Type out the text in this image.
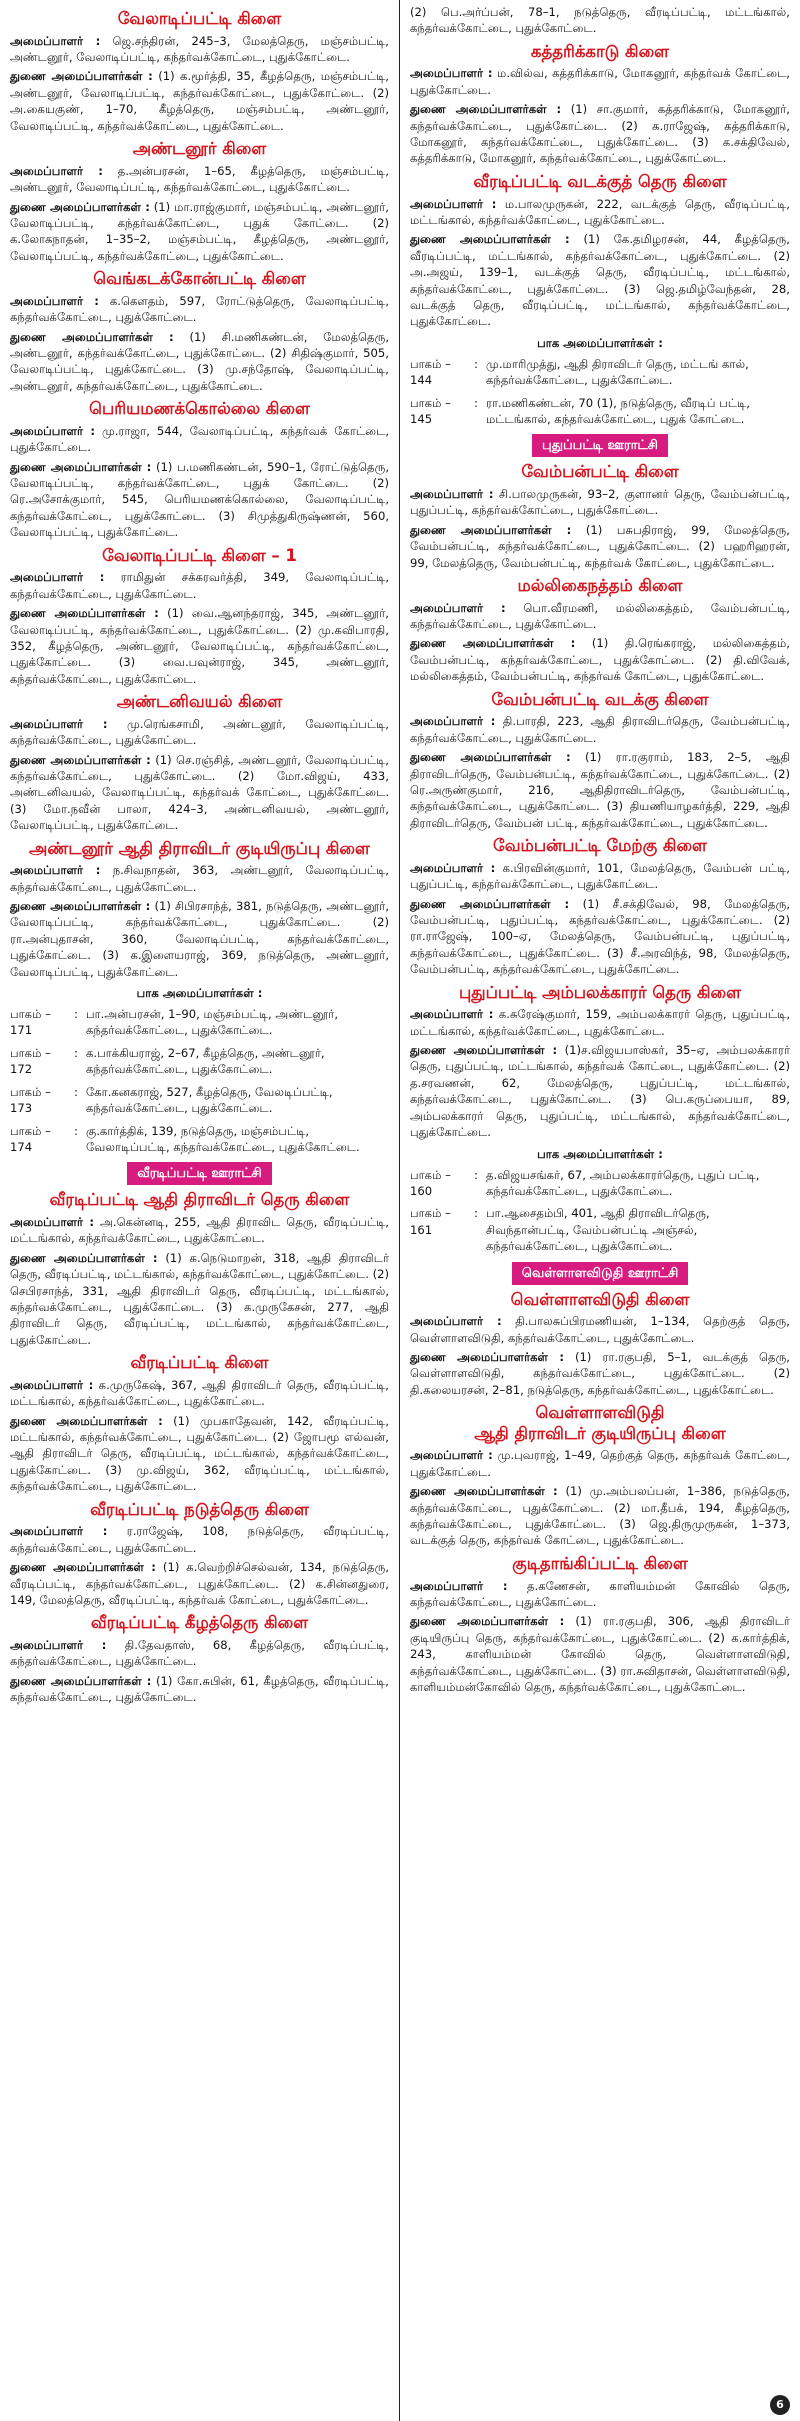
வேலாடிப்பட்டி கிளை

அமைப்பாளர் : ஜெ.சந்திரன், 245–3, மேலத்தெரு, மஞ்சம்பட்டி, அண்டனூர், வேலாடிப்பட்டி, கந்தர்வக்கோட்டை, புதுக்கோட்டை.

துணை அமைப்பாளர்கள் : (1) க.மூர்த்தி, 35, கீழத்தெரு, மஞ்சம்பட்டி, அண்டனூர், வேலாடிப்பட்டி, கந்தர்வக்கோட்டை, புதுக்கோட்டை. (2) அ.கையகுண், 1–70, கீழத்தெரு, மஞ்சம்பட்டி, அண்டனூர், வேலாடிப்பட்டி, கந்தர்வக்கோட்டை, புதுக்கோட்டை.

அண்டனூர் கிளை

அமைப்பாளர் : த.அன்பரசன், 1–65, கீழத்தெரு, மஞ்சம்பட்டி, அண்டனூர், வேலாடிப்பட்டி, கந்தர்வக்கோட்டை, புதுக்கோட்டை.

துணை அமைப்பாளர்கள் : (1) மா.ராஜ்குமார், மஞ்சம்பட்டி, அண்டனூர், வேலாடிப்பட்டி, கந்தர்வக்கோட்டை, புதுக் கோட்டை. (2) க.லோகநாதன், 1–35–2, மஞ்சம்பட்டி, கீழத்தெரு, அண்டனூர், வேலாடிப்பட்டி, கந்தர்வக்கோட்டை, புதுக்கோட்டை.

வெங்கடக்கோன்பட்டி கிளை

அமைப்பாளர் : க.கௌதம், 597, ரோட்டுத்தெரு, வேலாடிப்பட்டி, கந்தர்வக்கோட்டை, புதுக்கோட்டை.

துணை அமைப்பாளர்கள் : (1) சி.மணிகண்டன், மேலத்தெரு, அண்டனூர், கந்தர்வக்கோட்டை, புதுக்கோட்டை. (2) சிதிஷ்குமார், 505, வேலாடிப்பட்டி, புதுக்கோட்டை. (3) மு.சந்தோஷ், வேலாடிப்பட்டி, அண்டனூர், கந்தர்வக்கோட்டை, புதுக்கோட்டை.

பெரியமணக்கொல்லை கிளை

அமைப்பாளர் : மு.ராஜா, 544, வேலாடிப்பட்டி, கந்தர்வக் கோட்டை, புதுக்கோட்டை.

துணை அமைப்பாளர்கள் : (1) ப.மணிகண்டன், 590–1, ரோட்டுத்தெரு, வேலாடிப்பட்டி, கந்தர்வக்கோட்டை, புதுக் கோட்டை. (2) ரெ.அசோக்குமார், 545, பெரியமணக்கொல்லை, வேலாடிப்பட்டி, கந்தர்வக்கோட்டை, புதுக்கோட்டை. (3) சிமுத்துகிருஷ்ணன், 560, வேலாடிப்பட்டி, புதுக்கோட்டை.

வேலாடிப்பட்டி கிளை – 1

அமைப்பாளர் : ராமிதுன் சக்கரவர்த்தி, 349, வேலாடிப்பட்டி, கந்தர்வக்கோட்டை, புதுக்கோட்டை.

துணை அமைப்பாளர்கள் : (1) வை.ஆனந்தராஜ், 345, அண்டனூர், வேலாடிப்பட்டி, கந்தர்வக்கோட்டை, புதுக்கோட்டை. (2) மு.கவிபாரதி, 352, கீழத்தெரு, அண்டனூர், வேலாடிப்பட்டி, கந்தர்வக்கோட்டை, புதுக்கோட்டை. (3) வை.பவுன்ராஜ், 345, அண்டனூர், கந்தர்வக்கோட்டை, புதுக்கோட்டை.

அண்டனிவயல் கிளை

அமைப்பாளர் : மு.ரெங்கசாமி, அண்டனூர், வேலாடிப்பட்டி, கந்தர்வக்கோட்டை, புதுக்கோட்டை.

துணை அமைப்பாளர்கள் : (1) செ.ரஞ்சித், அண்டனூர், வேலாடிப்பட்டி, கந்தர்வக்கோட்டை, புதுக்கோட்டை. (2) மோ.விஜய், 433, அண்டனிவயல், வேலாடிப்பட்டி, கந்தர்வக் கோட்டை, புதுக்கோட்டை. (3) மோ.நவீன் பாலா, 424–3, அண்டனிவயல், அண்டனூர், வேலாடிப்பட்டி, புதுக்கோட்டை.

அண்டனூர் ஆதி திராவிடர் குடியிருப்பு கிளை

அமைப்பாளர் : ந.சிவநாதன், 363, அண்டனூர், வேலாடிப்பட்டி, கந்தர்வக்கோட்டை, புதுக்கோட்டை.

துணை அமைப்பாளர்கள் : (1) சிபிரசாந்த், 381, நடுத்தெரு, அண்டனூர், வேலாடிப்பட்டி, கந்தர்வக்கோட்டை, புதுக்கோட்டை. (2) ரா.அன்புதாசன், 360, வேலாடிப்பட்டி, கந்தர்வக்கோட்டை, புதுக்கோட்டை. (3) க.இளையராஜ், 369, நடுத்தெரு, அண்டனூர், வேலாடிப்பட்டி, புதுக்கோட்டை.

பாக அமைப்பாளர்கள் :
பாகம் – 171
: பா.அன்பரசன், 1–90, மஞ்சம்பட்டி, அண்டனூர், கந்தர்வக்கோட்டை, புதுக்கோட்டை.
பாகம் – 172
: க.பாக்கியராஜ், 2–67, கீழத்தெரு, அண்டனூர், கந்தர்வக்கோட்டை, புதுக்கோட்டை.
பாகம் – 173
: கோ.கனகராஜ், 527, கீழத்தெரு, வேலடிப்பட்டி, கந்தர்வக்கோட்டை, புதுக்கோட்டை.
பாகம் – 174
: கு.கார்த்திக், 139, நடுத்தெரு, மஞ்சம்பட்டி, வேலாடிப்பட்டி, கந்தர்வக்கோட்டை, புதுக்கோட்டை.
வீரடிப்பட்டி ஊராட்சி
வீரடிப்பட்டி ஆதி திராவிடர் தெரு கிளை

அமைப்பாளர் : அ.கென்னடி, 255, ஆதி திராவிட தெரு, வீரடிப்பட்டி, மட்டங்கால், கந்தர்வக்கோட்டை, புதுக்கோட்டை.

துணை அமைப்பாளர்கள் : (1) க.நெடுமாறன், 318, ஆதி திராவிடர் தெரு, வீரடிப்பட்டி, மட்டங்கால், கந்தர்வக்கோட்டை, புதுக்கோட்டை. (2) செபிரசாந்த், 331, ஆதி திராவிடர் தெரு, வீரடிப்பட்டி, மட்டங்கால், கந்தர்வக்கோட்டை, புதுக்கோட்டை. (3) க.முருகேசன், 277, ஆதி திராவிடர் தெரு, வீரடிப்பட்டி, மட்டங்கால், கந்தர்வக்கோட்டை, புதுக்கோட்டை.

வீரடிப்பட்டி கிளை

அமைப்பாளர் : க.முருகேஷ், 367, ஆதி திராவிடர் தெரு, வீரடிப்பட்டி, மட்டங்கால், கந்தர்வக்கோட்டை, புதுக்கோட்டை.

துணை அமைப்பாளர்கள் : (1) முபகாதேவன், 142, வீரடிப்பட்டி, மட்டங்கால், கந்தர்வக்கோட்டை, புதுக்கோட்டை. (2) ஜோபமூ எல்வன், ஆதி திராவிடர் தெரு, வீரடிப்பட்டி, மட்டங்கால், கந்தர்வக்கோட்டை, புதுக்கோட்டை. (3) மு.விஜய், 362, வீரடிப்பட்டி, மட்டங்கால், கந்தர்வக்கோட்டை, புதுக்கோட்டை.

வீரடிப்பட்டி நடுத்தெரு கிளை

அமைப்பாளர் : ர.ராஜேஷ், 108, நடுத்தெரு, வீரடிப்பட்டி, கந்தர்வக்கோட்டை, புதுக்கோட்டை.

துணை அமைப்பாளர்கள் : (1) க.வெற்றிச்செல்வன், 134, நடுத்தெரு, வீரடிப்பட்டி, கந்தர்வக்கோட்டை, புதுக்கோட்டை. (2) க.சின்னதுரை, 149, மேலத்தெரு, வீரடிப்பட்டி, கந்தர்வக் கோட்டை, புதுக்கோட்டை.

வீரடிப்பட்டி கீழத்தெரு கிளை

அமைப்பாளர் : தி.தேவதாஸ், 68, கீழத்தெரு, வீரடிப்பட்டி, கந்தர்வக்கோட்டை, புதுக்கோட்டை.

துணை அமைப்பாளர்கள் : (1) கோ.சுபின், 61, கீழத்தெரு, வீரடிப்பட்டி, கந்தர்வக்கோட்டை, புதுக்கோட்டை.

(2) பெ.அர்ப்பன், 78–1, நடுத்தெரு, வீரடிப்பட்டி, மட்டங்கால், கந்தர்வக்கோட்டை, புதுக்கோட்டை.

கத்தரிக்காடு கிளை

அமைப்பாளர் : ம.வில்வ, கத்தரிக்காடு, மோகனூர், கந்தர்வக் கோட்டை, புதுக்கோட்டை.

துணை அமைப்பாளர்கள் : (1) சா.குமார், கத்தரிக்காடு, மோகனூர், கந்தர்வக்கோட்டை, புதுக்கோட்டை. (2) க.ராஜேஷ், கத்தரிக்காடு, மோகனூர், கந்தர்வக்கோட்டை, புதுக்கோட்டை. (3) க.சக்திவேல், கத்தரிக்காடு, மோகனூர், கந்தர்வக்கோட்டை, புதுக்கோட்டை.

வீரடிப்பட்டி வடக்குத் தெரு கிளை

அமைப்பாளர் : ம.பாலமுருகன், 222, வடக்குத் தெரு, வீரடிப்பட்டி, மட்டங்கால், கந்தர்வக்கோட்டை, புதுக்கோட்டை.

துணை அமைப்பாளர்கள் : (1) கே.தமிழரசன், 44, கீழத்தெரு, வீரடிப்பட்டி, மட்டங்கால், கந்தர்வக்கோட்டை, புதுக்கோட்டை. (2) அ.அஜய், 139–1, வடக்குத் தெரு, வீரடிப்பட்டி, மட்டங்கால், கந்தர்வக்கோட்டை, புதுக்கோட்டை. (3) ஜெ.தமிழ்வேந்தன், 28, வடக்குத் தெரு, வீரடிப்பட்டி, மட்டங்கால், கந்தர்வக்கோட்டை, புதுக்கோட்டை.

பாக அமைப்பாளர்கள் :
பாகம் – 144
: மு.மாரிமுத்து, ஆதி திராவிடர் தெரு, மட்டங் கால், கந்தர்வக்கோட்டை, புதுக்கோட்டை.
பாகம் – 145
: ரா.மணிகண்டன், 70 (1), நடுத்தெரு, வீரடிப் பட்டி, மட்டங்கால், கந்தர்வக்கோட்டை, புதுக் கோட்டை.
புதுப்பட்டி ஊராட்சி
வேம்பன்பட்டி கிளை

அமைப்பாளர் : சி.பாலமுருகன், 93–2, குளானர் தெரு, வேம்பன்பட்டி, புதுப்பட்டி, கந்தர்வக்கோட்டை, புதுக்கோட்டை.

துணை அமைப்பாளர்கள் : (1) பசுபதிராஜ், 99, மேலத்தெரு, வேம்பன்பட்டி, கந்தர்வக்கோட்டை, புதுக்கோட்டை. (2) பஹரிஹரன், 99, மேலத்தெரு, வேம்பன்பட்டி, கந்தர்வக் கோட்டை, புதுக்கோட்டை.

மல்லிகைநத்தம் கிளை

அமைப்பாளர் : பொ.வீரமணி, மல்லிகைத்தம், வேம்பன்பட்டி, கந்தர்வக்கோட்டை, புதுக்கோட்டை.

துணை அமைப்பாளர்கள் : (1) தி.ரெங்கராஜ், மல்லிகைத்தம், வேம்பன்பட்டி, கந்தர்வக்கோட்டை, புதுக்கோட்டை. (2) தி.விவேக், மல்லிகைத்தம், வேம்பன்பட்டி, கந்தர்வக் கோட்டை, புதுக்கோட்டை.

வேம்பன்பட்டி வடக்கு கிளை

அமைப்பாளர் : தி.பாரதி, 223, ஆதி திராவிடர்தெரு, வேம்பன்பட்டி, கந்தர்வக்கோட்டை, புதுக்கோட்டை.

துணை அமைப்பாளர்கள் : (1) ரா.ரகுராம், 183, 2–5, ஆதி திராவிடர்தெரு, வேம்பன்பட்டி, கந்தர்வக்கோட்டை, புதுக்கோட்டை. (2) ரெ.அருண்குமார், 216, ஆதிதிராவிடர்தெரு, வேம்பன்பட்டி, கந்தர்வக்கோட்டை, புதுக்கோட்டை. (3) தியணியாழகர்த்தி, 229, ஆதி திராவிடர்தெரு, வேம்பன் பட்டி, கந்தர்வக்கோட்டை, புதுக்கோட்டை.

வேம்பன்பட்டி மேற்கு கிளை

அமைப்பாளர் : க.பிரவின்குமார், 101, மேலத்தெரு, வேம்பன் பட்டி, புதுப்பட்டி, கந்தர்வக்கோட்டை, புதுக்கோட்டை.

துணை அமைப்பாளர்கள் : (1) சீ.சக்திவேல், 98, மேலத்தெரு, வேம்பன்பட்டி, புதுப்பட்டி, கந்தர்வக்கோட்டை, புதுக்கோட்டை. (2) ரா.ராஜேஷ், 100–ஏ, மேலத்தெரு, வேம்பன்பட்டி, புதுப்பட்டி, கந்தர்வக்கோட்டை, புதுக்கோட்டை. (3) சீ.அரவிந்த், 98, மேலத்தெரு, வேம்பன்பட்டி, கந்தர்வக்கோட்டை, புதுக்கோட்டை.

புதுப்பட்டி அம்பலக்காரர் தெரு கிளை

அமைப்பாளர் : க.சுரேஷ்குமார், 159, அம்பலக்காரர் தெரு, புதுப்பட்டி, மட்டங்கால், கந்தர்வக்கோட்டை, புதுக்கோட்டை.

துணை அமைப்பாளர்கள் : (1)ச.விஜயபாஸ்கர், 35–ஏ, அம்பலக்காரர் தெரு, புதுப்பட்டி, மட்டங்கால், கந்தர்வக் கோட்டை, புதுக்கோட்டை. (2) த.சரவணன், 62, மேலத்தெரு, புதுப்பட்டி, மட்டங்கால், கந்தர்வக்கோட்டை, புதுக்கோட்டை. (3) பெ.கருப்பையா, 89, அம்பலக்காரர் தெரு, புதுப்பட்டி, மட்டங்கால், கந்தர்வக்கோட்டை, புதுக்கோட்டை.

பாக அமைப்பாளர்கள் :
பாகம் – 160
: த.விஜயசங்கர், 67, அம்பலக்காரர்தெரு, புதுப் பட்டி, கந்தர்வக்கோட்டை, புதுக்கோட்டை.
பாகம் – 161
: பா.ஆசைதம்பி, 401, ஆதி திராவிடர்தெரு, சிவந்தான்பட்டி, வேம்பன்பட்டி அஞ்சல், கந்தர்வக்கோட்டை, புதுக்கோட்டை.
வெள்ளாளவிடுதி ஊராட்சி
வெள்ளாளவிடுதி கிளை

அமைப்பாளர் : தி.பாலசுப்பிரமணியன், 1–134, தெற்குத் தெரு, வெள்ளாளவிடுதி, கந்தர்வக்கோட்டை, புதுக்கோட்டை.

துணை அமைப்பாளர்கள் : (1) ரா.ரகுபதி, 5–1, வடக்குத் தெரு, வெள்ளாளவிடுதி, கந்தர்வக்கோட்டை, புதுக்கோட்டை. (2) தி.கலையரசன், 2–81, நடுத்தெரு, கந்தர்வக்கோட்டை, புதுக்கோட்டை.

வெள்ளாளவிடுதி
ஆதி திராவிடர் குடியிருப்பு கிளை

அமைப்பாளர் : மு.புவராஜ், 1–49, தெற்குத் தெரு, கந்தர்வக் கோட்டை, புதுக்கோட்டை.

துணை அமைப்பாளர்கள் : (1) மு.அம்பலப்பன், 1–386, நடுத்தெரு, கந்தர்வக்கோட்டை, புதுக்கோட்டை. (2) மா.தீபக், 194, கீழத்தெரு, கந்தர்வக்கோட்டை, புதுக்கோட்டை. (3) ஜெ.திருமுருகன், 1–373, வடக்குத் தெரு, கந்தர்வக் கோட்டை, புதுக்கோட்டை.

குடிதாங்கிப்பட்டி கிளை

அமைப்பாளர் : த.கணேசன், காளியம்மன் கோவில் தெரு, கந்தர்வக்கோட்டை, புதுக்கோட்டை.

துணை அமைப்பாளர்கள் : (1) ரா.ரகுபதி, 306, ஆதி திராவிடர் குடியிருப்பு தெரு, கந்தர்வக்கோட்டை, புதுக்கோட்டை. (2) க.கார்த்திக், 243, காளியம்மன் கோவில் தெரு, வெள்ளாளவிடுதி, கந்தர்வக்கோட்டை, புதுக்கோட்டை. (3) ரா.சுவிதாசன், வெள்ளாளவிடுதி, காளியம்மன்கோவில் தெரு, கந்தர்வக்கோட்டை, புதுக்கோட்டை.

6
